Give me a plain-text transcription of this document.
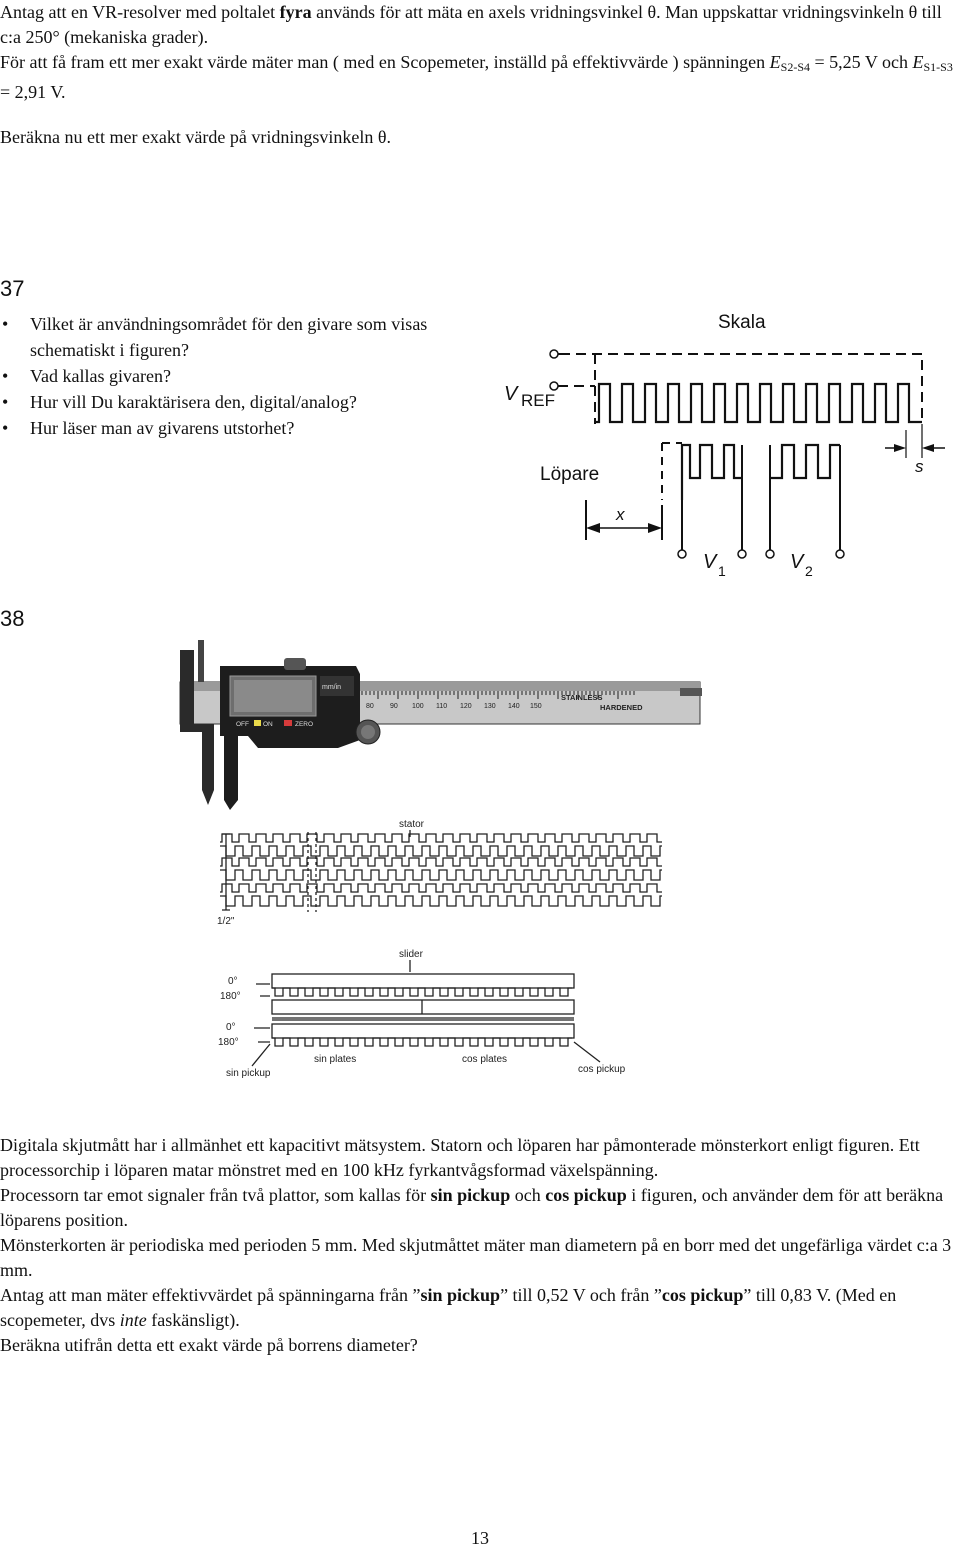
Antag att en VR-resolver med poltalet fyra används för att mäta en axels vridningsvinkel θ. Man uppskattar vridningsvinkeln θ till c:a 250° (mekaniska grader).

För att få fram ett mer exakt värde mäter man ( med en Scopemeter, inställd på effektivvärde ) spänningen $E_{S2-S4} = 5,25$ V och $E_{S1-S3} = 2,91$ V.

Beräkna nu ett mer exakt värde på vridningsvinkeln θ.

37
• Vilket är användningsområdet för den givare som visas schematiskt i figuren?
• Vad kallas givaren?
• Hur vill Du karaktärisera den, digital/analog?
• Hur läser man av givarens utstorhet?
Skala
V REF
Löpare	s
x
V 1	V 2
38
80 90 100 110 120 130 140 150
STAINLESS
HARDENED
mm/in
OFF ON	ZERO
stator
1/2"
slider
0°
180°
0°
180°
sin plates	cos plates
sin pickup	cos pickup

Digitala skjutmått har i allmänhet ett kapacitivt mätsystem. Statorn och löparen har påmonterade mönsterkort enligt figuren. Ett processorchip i löparen matar mönstret med en 100 kHz fyrkantvågsformad växelspänning.

Processorn tar emot signaler från två plattor, som kallas för sin pickup och cos pickup i figuren, och använder dem för att beräkna löparens position.

Mönsterkorten är periodiska med perioden 5 mm. Med skjutmåttet mäter man diametern på en borr med det ungefärliga värdet c:a 3 mm.

Antag att man mäter effektivvärdet på spänningarna från ”sin pickup” till 0,52 V och från ”cos pickup” till 0,83 V. (Med en scopemeter, dvs inte faskänsligt).

Beräkna utifrån detta ett exakt värde på borrens diameter?

13
